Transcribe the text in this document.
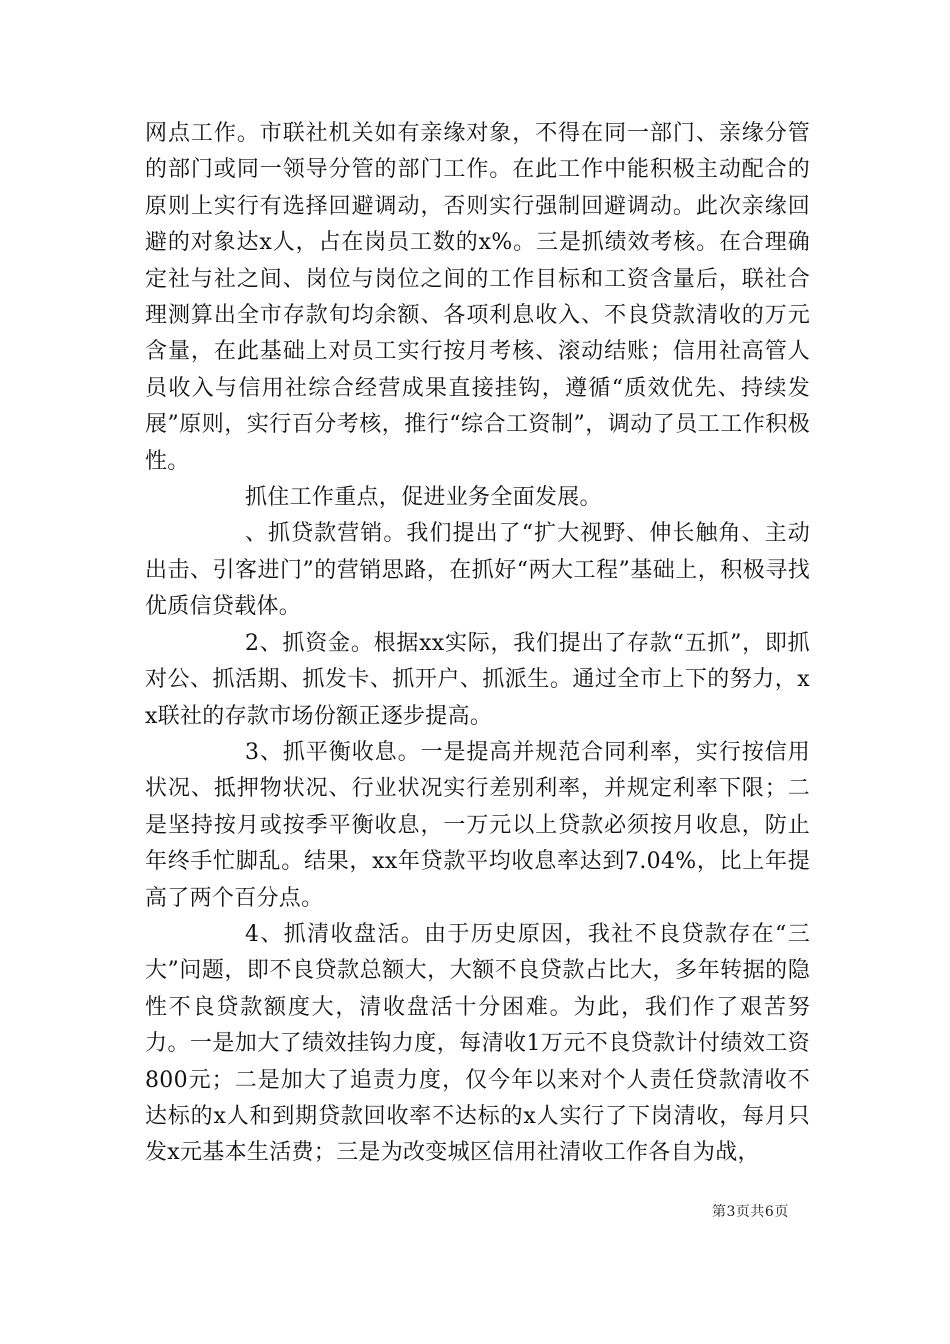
网点工作。市联社机关如有亲缘对象，不得在同一部门、亲缘分管的部门或同一领导分管的部门工作。在此工作中能积极主动配合的原则上实行有选择回避调动，否则实行强制回避调动。此次亲缘回避的对象达x人，占在岗员工数的x%。三是抓绩效考核。在合理确定社与社之间、岗位与岗位之间的工作目标和工资含量后，联社合理测算出全市存款旬均余额、各项利息收入、不良贷款清收的万元含量，在此基础上对员工实行按月考核、滚动结账；信用社高管人员收入与信用社综合经营成果直接挂钩，遵循“质效优先、持续发展”原则，实行百分考核，推行“综合工资制”，调动了员工工作积极性。

抓住工作重点，促进业务全面发展。

、抓贷款营销。我们提出了“扩大视野、伸长触角、主动出击、引客进门”的营销思路，在抓好“两大工程”基础上，积极寻找优质信贷载体。

2、抓资金。根据xx实际，我们提出了存款“五抓”，即抓对公、抓活期、抓发卡、抓开户、抓派生。通过全市上下的努力，xx联社的存款市场份额正逐步提高。

3、抓平衡收息。一是提高并规范合同利率，实行按信用状况、抵押物状况、行业状况实行差别利率，并规定利率下限；二是坚持按月或按季平衡收息，一万元以上贷款必须按月收息，防止年终手忙脚乱。结果，xx年贷款平均收息率达到7.04%，比上年提高了两个百分点。

4、抓清收盘活。由于历史原因，我社不良贷款存在“三大”问题，即不良贷款总额大，大额不良贷款占比大，多年转据的隐性不良贷款额度大，清收盘活十分困难。为此，我们作了艰苦努力。一是加大了绩效挂钩力度，每清收1万元不良贷款计付绩效工资800元；二是加大了追责力度，仅今年以来对个人责任贷款清收不达标的x人和到期贷款回收率不达标的x人实行了下岗清收，每月只发x元基本生活费；三是为改变城区信用社清收工作各自为战，

第3页共6页
